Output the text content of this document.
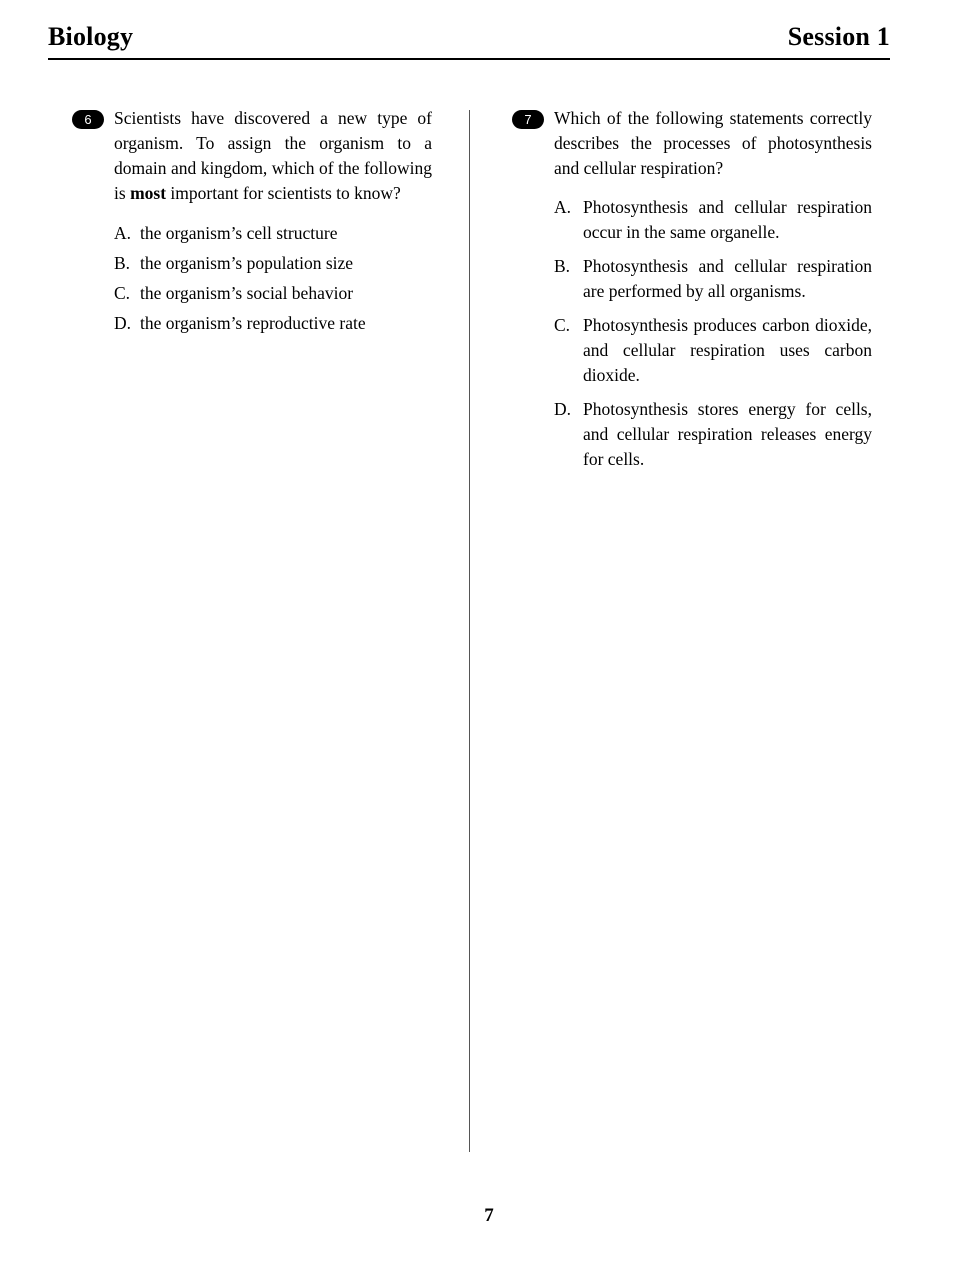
Biology	Session 1
6	Scientists have discovered a new type of organism. To assign the organism to a domain and kingdom, which of the following is most important for scientists to know?

A. the organism’s cell structure
B. the organism’s population size
C. the organism’s social behavior
D. the organism’s reproductive rate
7	Which of the following statements correctly describes the processes of photosynthesis and cellular respiration?

A. Photosynthesis and cellular respiration occur in the same organelle.
B. Photosynthesis and cellular respiration are performed by all organisms.
C. Photosynthesis produces carbon dioxide, and cellular respiration uses carbon dioxide.
D. Photosynthesis stores energy for cells, and cellular respiration releases energy for cells.
7
